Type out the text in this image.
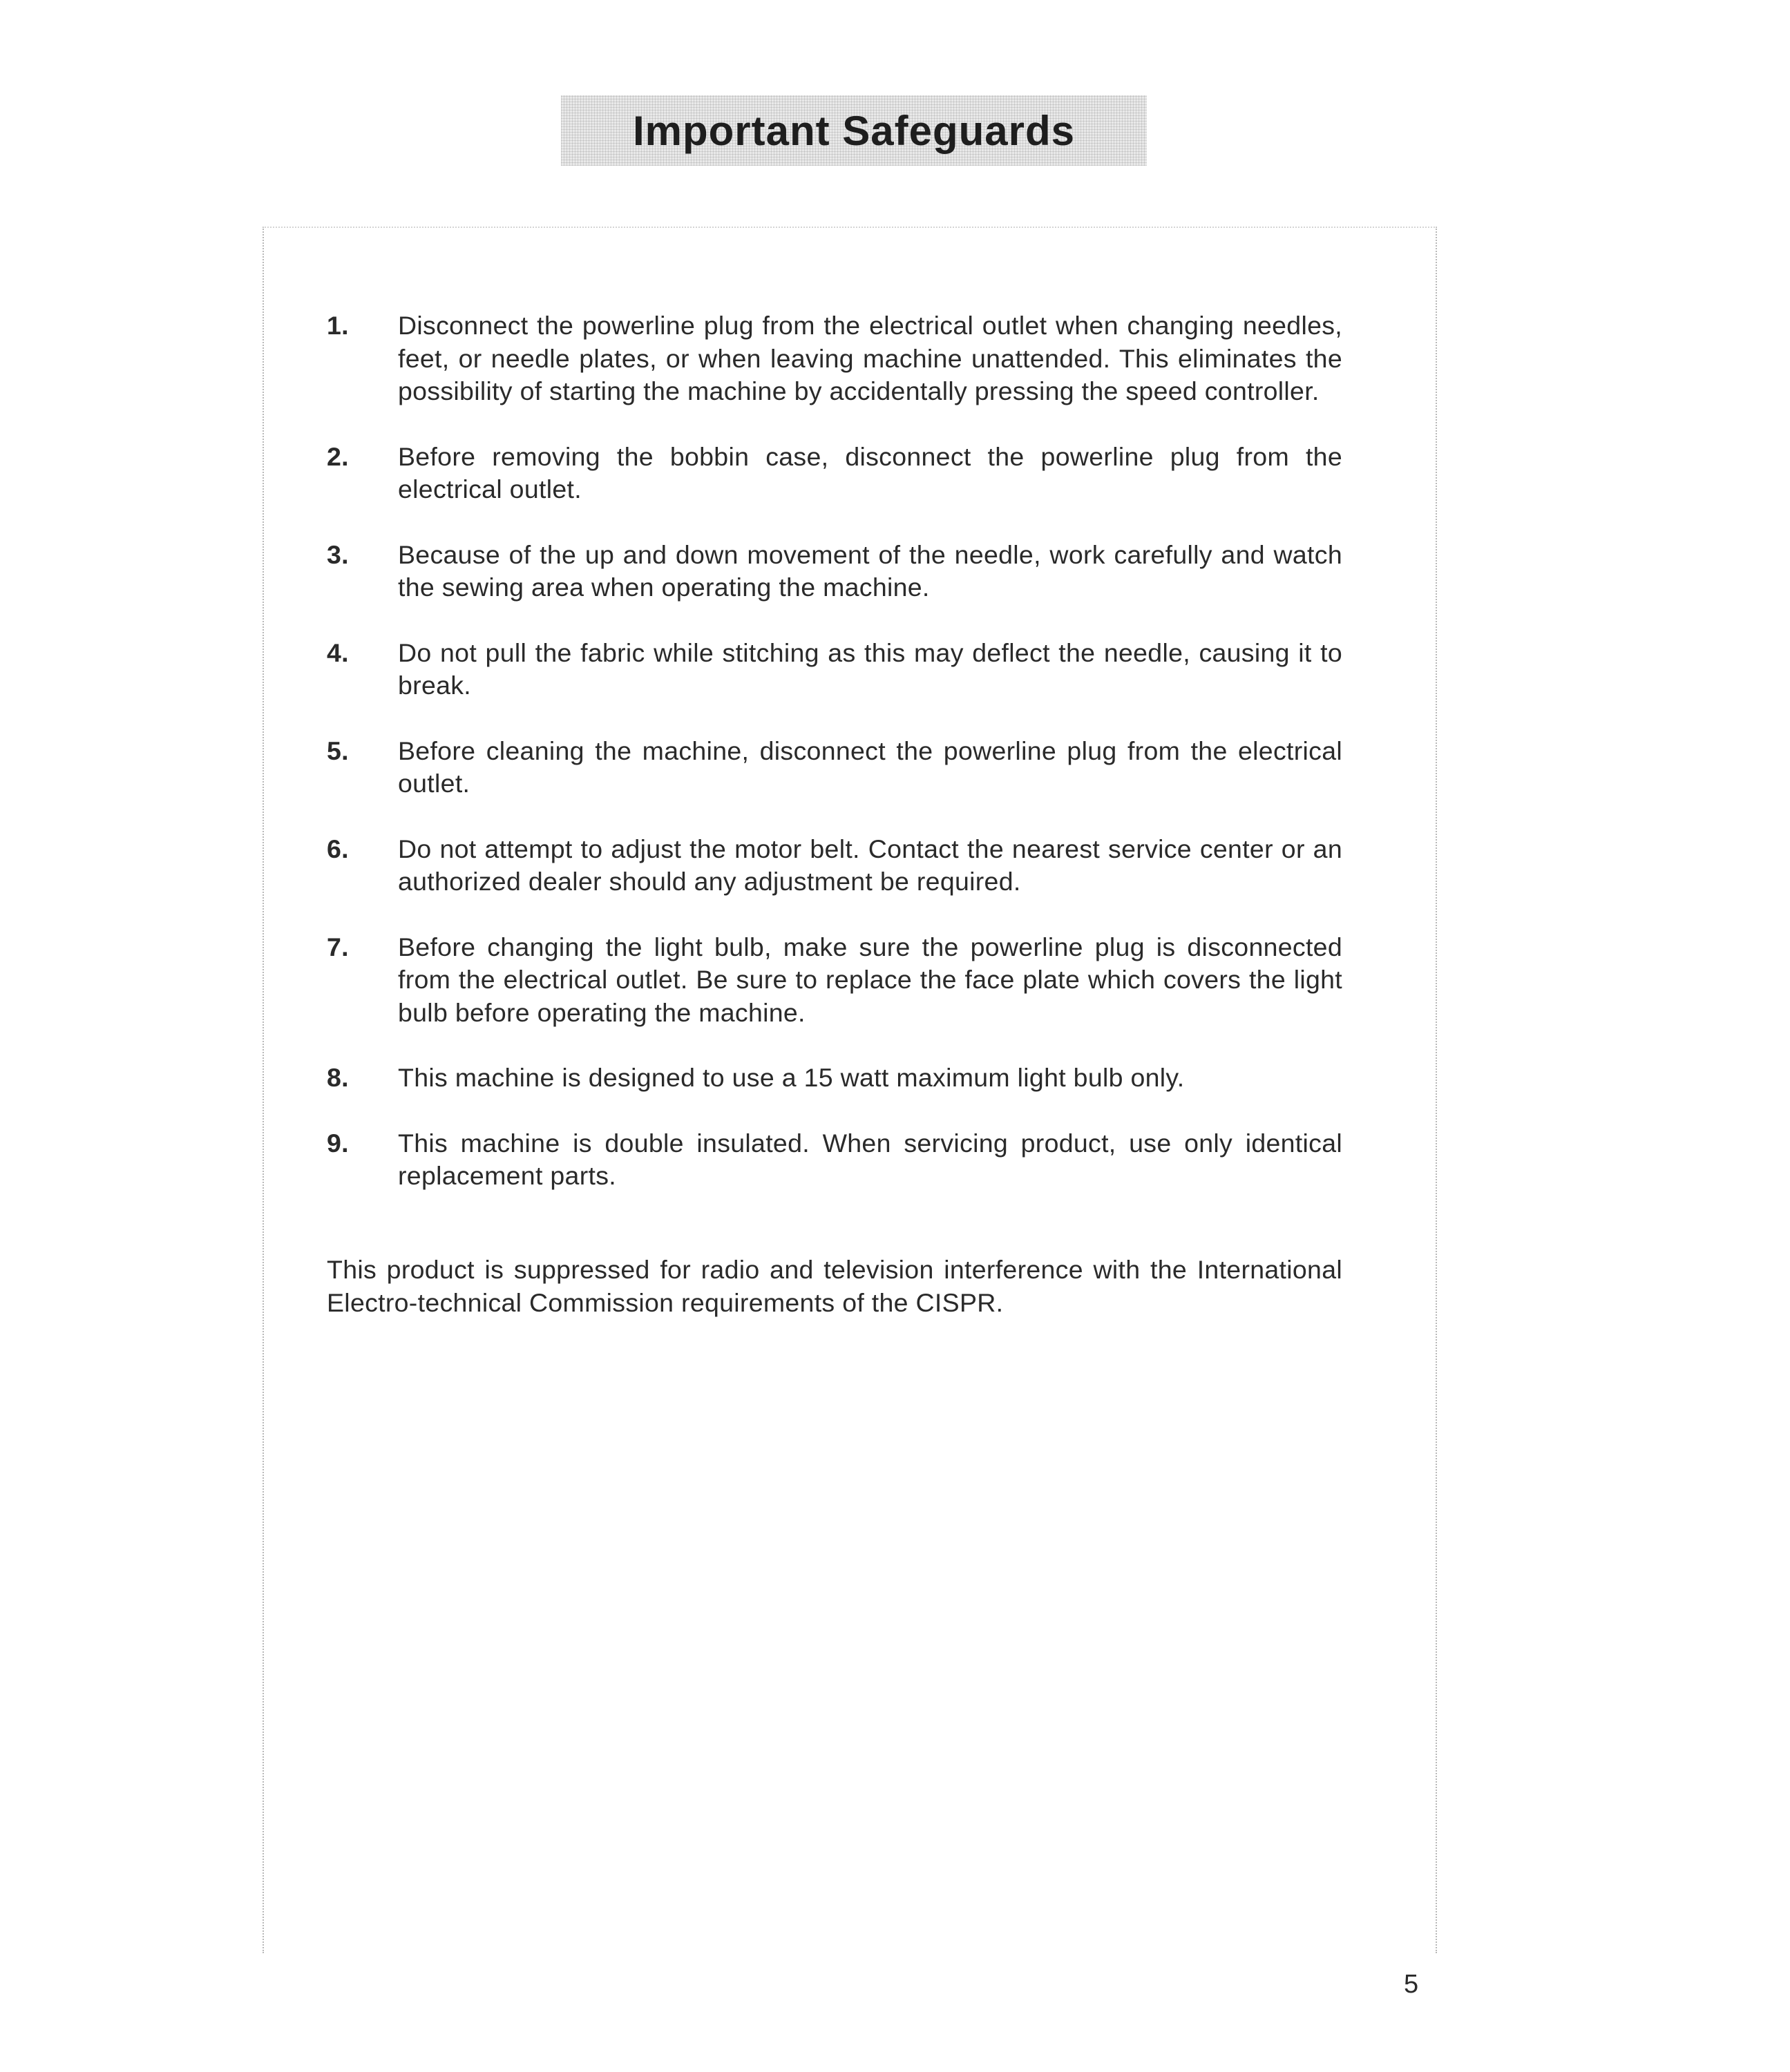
Important Safeguards
1. Disconnect the powerline plug from the electrical outlet when changing needles, feet, or needle plates, or when leaving machine unattended. This eliminates the possibility of starting the machine by accidentally pressing the speed controller.
2. Before removing the bobbin case, disconnect the powerline plug from the electrical outlet.
3. Because of the up and down movement of the needle, work carefully and watch the sewing area when operating the machine.
4. Do not pull the fabric while stitching as this may deflect the needle, causing it to break.
5. Before cleaning the machine, disconnect the powerline plug from the electrical outlet.
6. Do not attempt to adjust the motor belt. Contact the nearest service center or an authorized dealer should any adjustment be required.
7. Before changing the light bulb, make sure the powerline plug is disconnected from the electrical outlet. Be sure to replace the face plate which covers the light bulb before operating the machine.
8. This machine is designed to use a 15 watt maximum light bulb only.
9. This machine is double insulated. When servicing product, use only identical replacement parts.

This product is suppressed for radio and television interference with the International Electro-technical Commission requirements of the CISPR.

5
